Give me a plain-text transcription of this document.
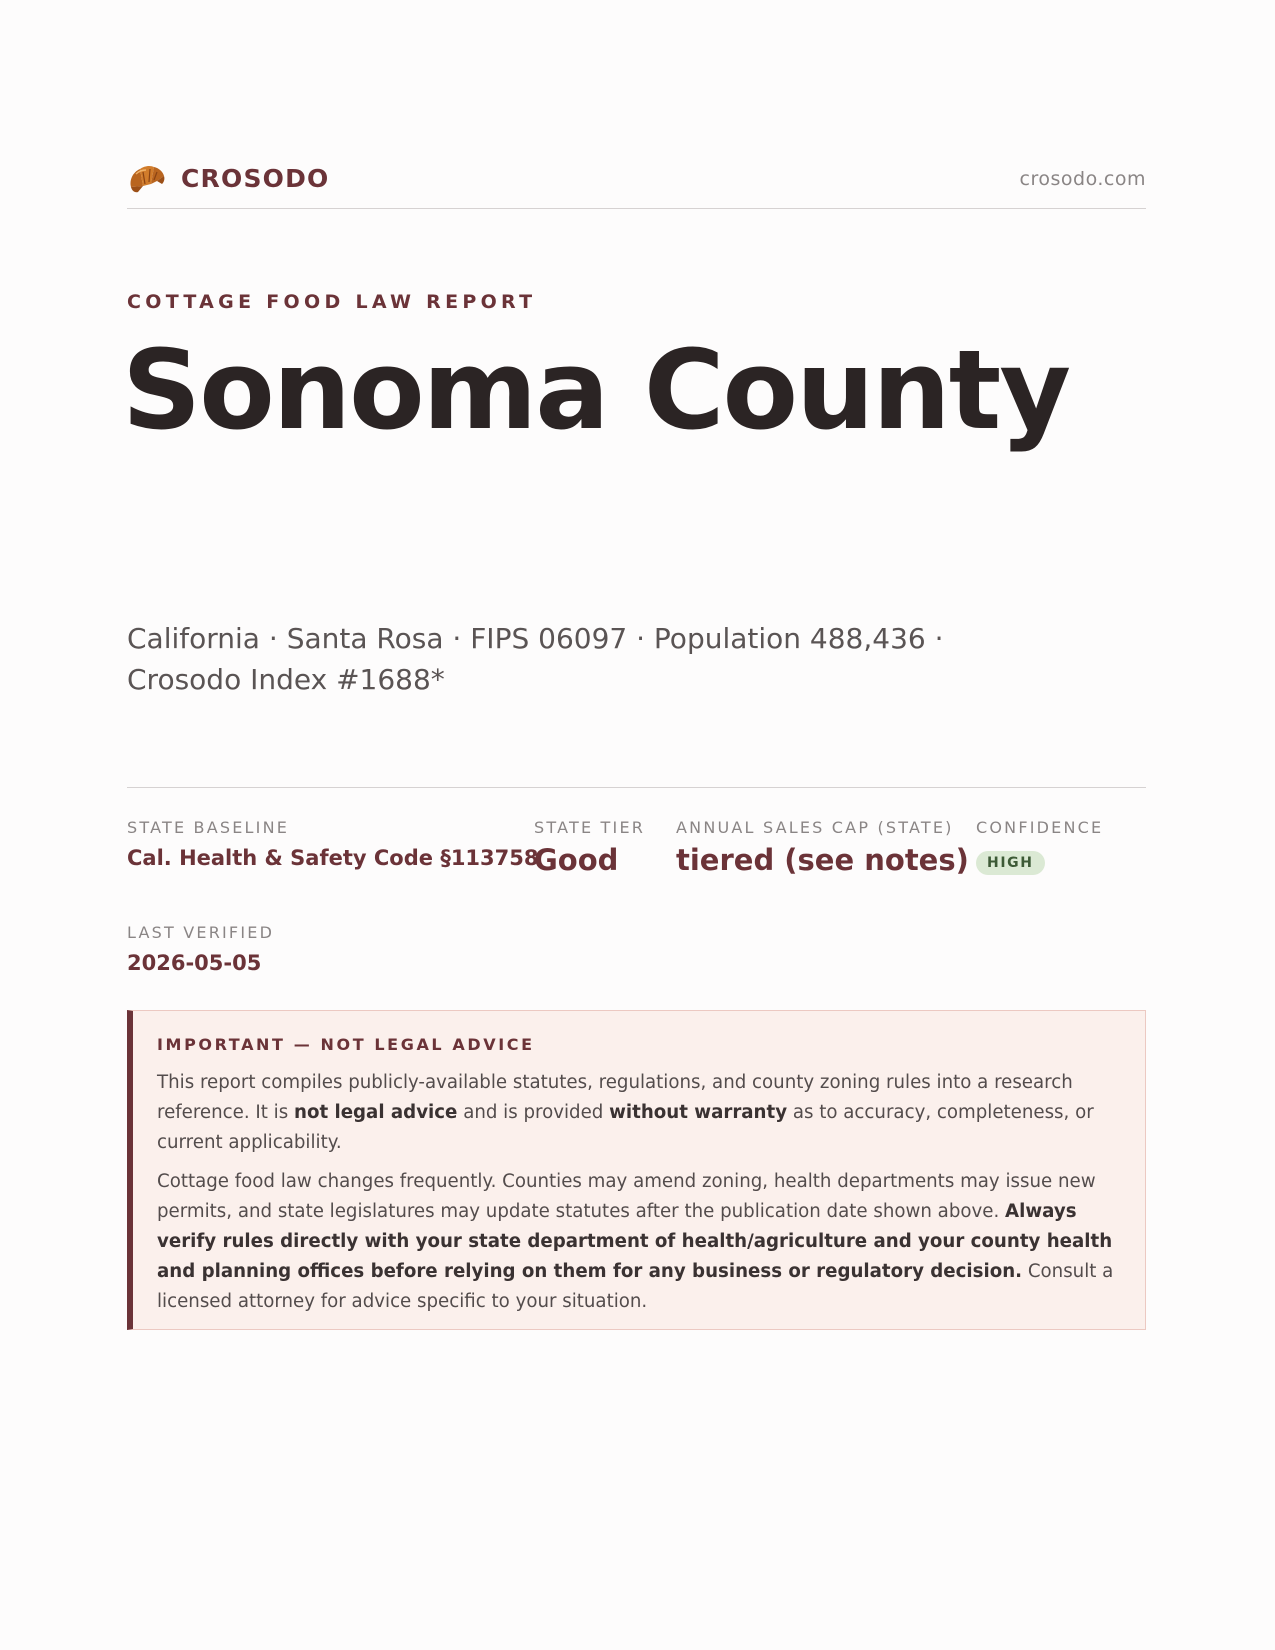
CROSODO	crosodo.com
COTTAGE FOOD LAW REPORT
Sonoma County
California · Santa Rosa · FIPS 06097 · Population 488,436 ·
Crosodo Index #1688*
STATE BASELINE
Cal. Health & Safety Code §113758
STATE TIER
Good
ANNUAL SALES CAP (STATE)
tiered (see notes)
CONFIDENCE
HIGH
LAST VERIFIED
2026-05-05
IMPORTANT — NOT LEGAL ADVICE

This report compiles publicly-available statutes, regulations, and county zoning rules into a research reference. It is not legal advice and is provided without warranty as to accuracy, completeness, or current applicability.

Cottage food law changes frequently. Counties may amend zoning, health departments may issue new permits, and state legislatures may update statutes after the publication date shown above. Always verify rules directly with your state department of health/agriculture and your county health and planning offices before relying on them for any business or regulatory decision. Consult a licensed attorney for advice specific to your situation.
